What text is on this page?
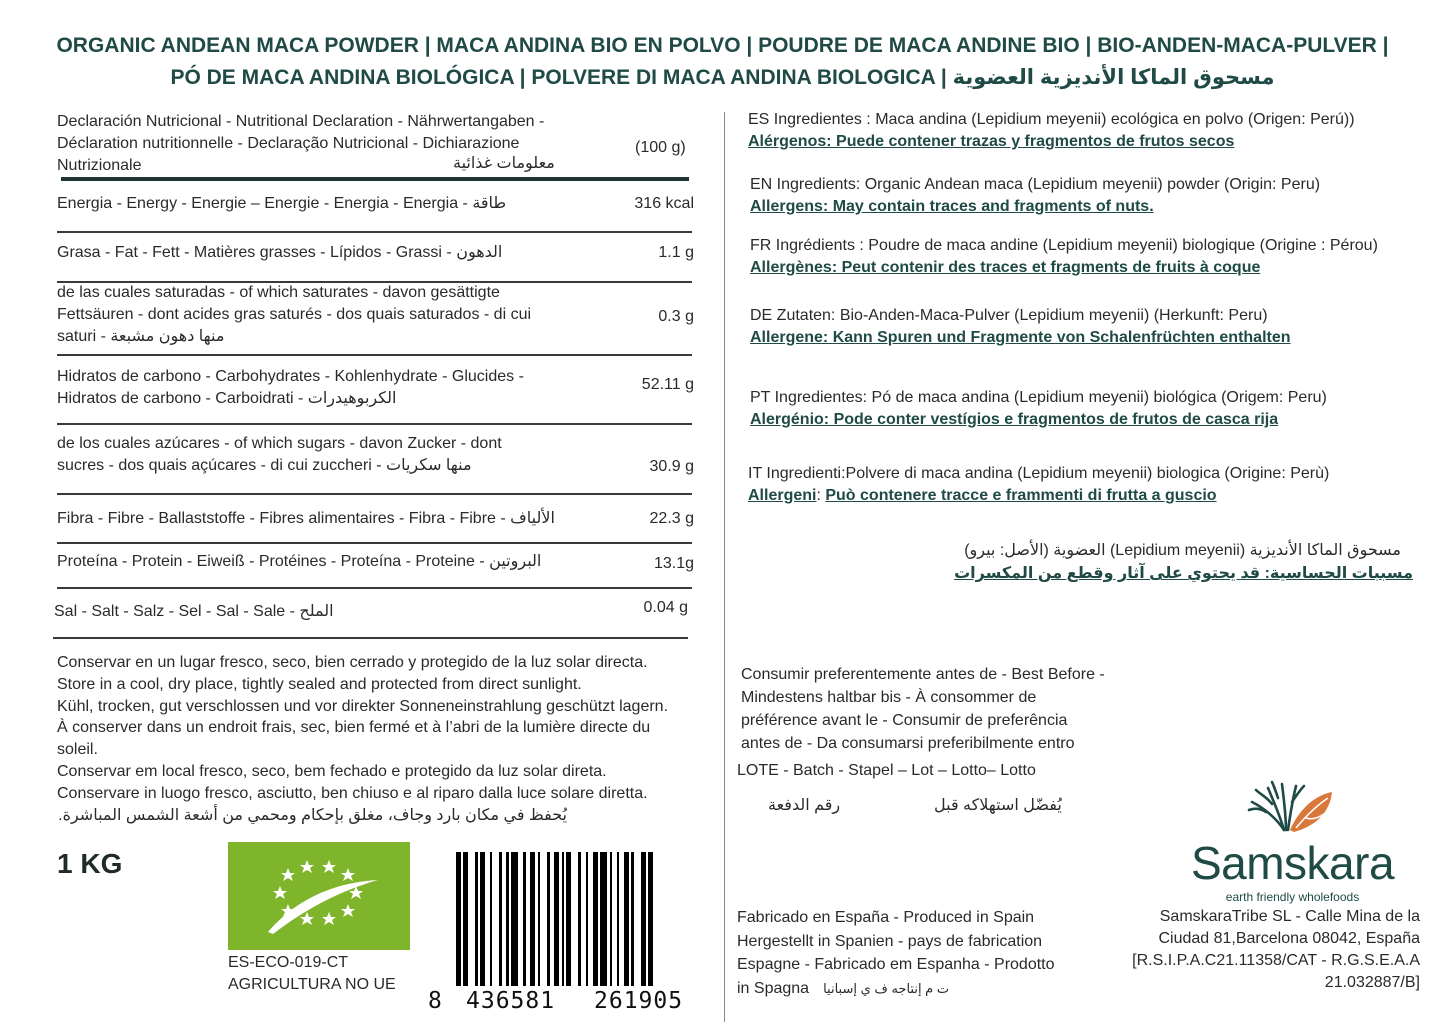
ORGANIC ANDEAN MACA POWDER | MACA ANDINA BIO EN POLVO | POUDRE DE MACA ANDINE BIO | BIO-ANDEN-MACA-PULVER |
PÓ DE MACA ANDINA BIOLÓGICA | POLVERE DI MACA ANDINA BIOLOGICA | مسحوق الماكا الأنديزية العضوية
Declaración Nutricional - Nutritional Declaration - Nährwertangaben -
Déclaration nutritionnelle - Declaração Nutricional - Dichiarazione
Nutrizionale	معلومات غذائية
(100 g)
Energia - Energy - Energie – Energie - Energia - Energia - طاقة	316 kcal
Grasa - Fat - Fett - Matières grasses - Lípidos - Grassi - الدهون	1.1 g
de las cuales saturadas - of which saturates - davon gesättigte
Fettsäuren - dont acides gras saturés - dos quais saturados - di cui
saturi - منها دهون مشبعة
0.3 g
Hidratos de carbono - Carbohydrates - Kohlenhydrate - Glucides -
Hidratos de carbono - Carboidrati - الكربوهيدرات
52.11 g
de los cuales azúcares - of which sugars - davon Zucker - dont
sucres - dos quais açúcares - di cui zuccheri - منها سكريات	30.9 g
Fibra - Fibre - Ballaststoffe - Fibres alimentaires - Fibra - Fibre - الألياف	22.3 g
Proteína - Protein - Eiweiß - Protéines - Proteína - Proteine - البروتين	13.1g
Sal - Salt - Salz - Sel - Sal - Sale - الملح	0.04 g
Conservar en un lugar fresco, seco, bien cerrado y protegido de la luz solar directa.
Store in a cool, dry place, tightly sealed and protected from direct sunlight.
Kühl, trocken, gut verschlossen und vor direkter Sonneneinstrahlung geschützt lagern.
À conserver dans un endroit frais, sec, bien fermé et à l’abri de la lumière directe du
soleil.
Conservar em local fresco, seco, bem fechado e protegido da luz solar direta.
Conservare in luogo fresco, asciutto, ben chiuso e al riparo dalla luce solare diretta.
يُحفظ في مكان بارد وجاف، مغلق بإحكام ومحمي من أشعة الشمس المباشرة.
1 KG
ES-ECO-019-CT
AGRICULTURA NO UE
8 436581 261905
ES Ingredientes : Maca andina (Lepidium meyenii) ecológica en polvo (Origen: Perú))
Alérgenos: Puede contener trazas y fragmentos de frutos secos
EN Ingredients: Organic Andean maca (Lepidium meyenii) powder (Origin: Peru)
Allergens: May contain traces and fragments of nuts.
FR Ingrédients : Poudre de maca andine (Lepidium meyenii) biologique (Origine : Pérou)
Allergènes: Peut contenir des traces et fragments de fruits à coque
DE Zutaten: Bio-Anden-Maca-Pulver (Lepidium meyenii) (Herkunft: Peru)
Allergene: Kann Spuren und Fragmente von Schalenfrüchten enthalten
PT Ingredientes: Pó de maca andina (Lepidium meyenii) biológica (Origem: Peru)
Alergénio: Pode conter vestígios e fragmentos de frutos de casca rija
IT Ingredienti:Polvere di maca andina (Lepidium meyenii) biologica (Origine: Perù)
Allergeni: Può contenere tracce e frammenti di frutta a guscio
مسحوق الماكا الأنديزية (Lepidium meyenii) العضوية (الأصل: بيرو)
مسببات الحساسية: قد يحتوي على آثار وقطع من المكسرات
Consumir preferentemente antes de - Best Before -
Mindestens haltbar bis - À consommer de
préférence avant le - Consumir de preferência
antes de - Da consumarsi preferibilmente entro
LOTE - Batch - Stapel – Lot – Lotto– Lotto
رقم الدفعة	يُفضّل استهلاكه قبل
Samskara
earth friendly wholefoods
Fabricado en España - Produced in Spain
Hergestellt in Spanien - pays de fabrication
Espagne - Fabricado em Espanha - Prodotto
in Spagna ت م إنتاجه ف ي إسبانيا
SamskaraTribe SL - Calle Mina de la
Ciudad 81,Barcelona 08042, España
[R.S.I.P.A.C21.11358/CAT - R.G.S.E.A.A
21.032887/B]
